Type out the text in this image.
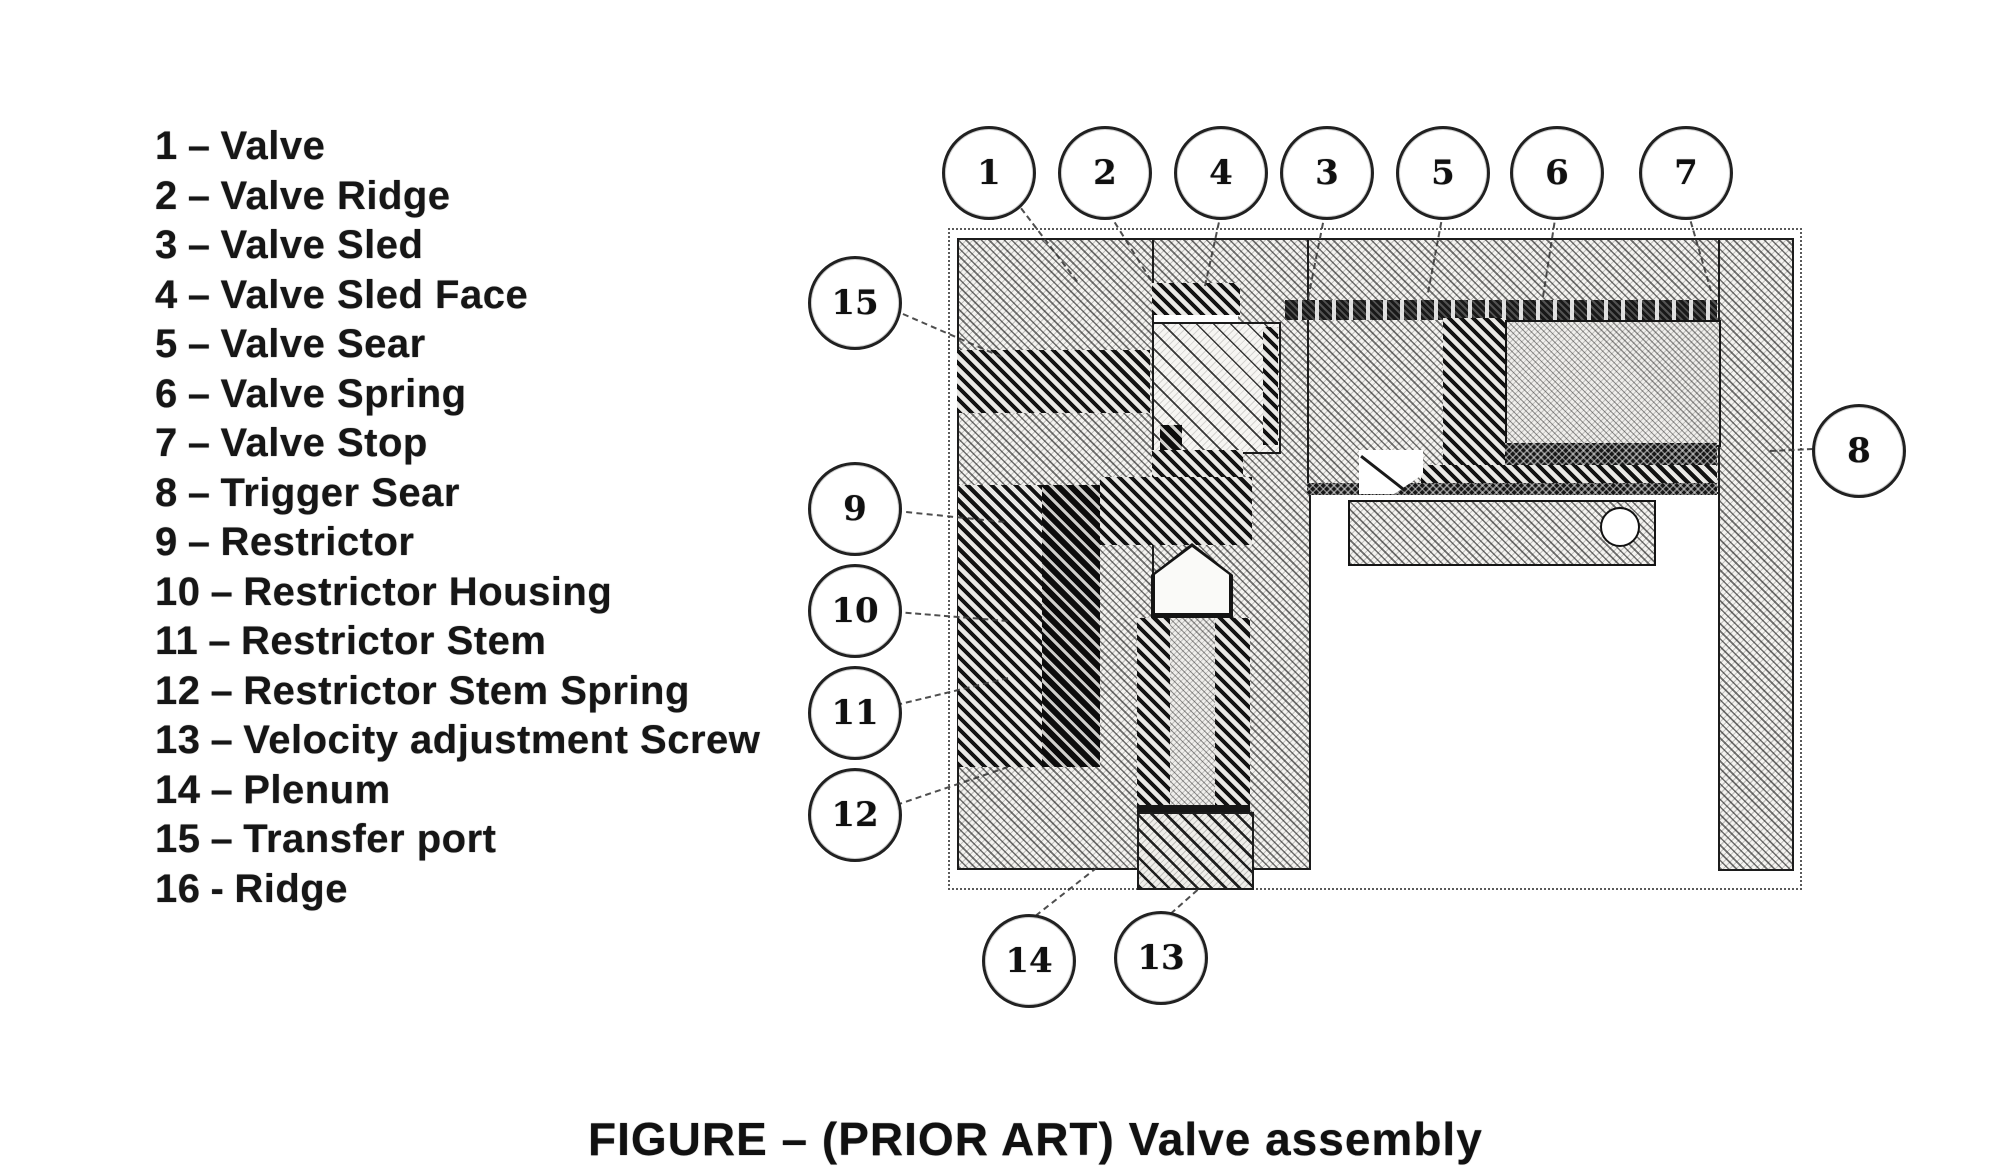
1 – Valve
2 – Valve Ridge
3 – Valve Sled
4 – Valve Sled Face
5 – Valve Sear
6 – Valve Spring
7 – Valve Stop
8 – Trigger Sear
9 – Restrictor
10 – Restrictor Housing
11 – Restrictor Stem
12 – Restrictor Stem Spring
13 – Velocity adjustment Screw
14 – Plenum
15 – Transfer port
16 - Ridge
1	2	4	3	5	6	7
15
9
10
11
12
8
14	13
FIGURE – (PRIOR ART) Valve assembly
